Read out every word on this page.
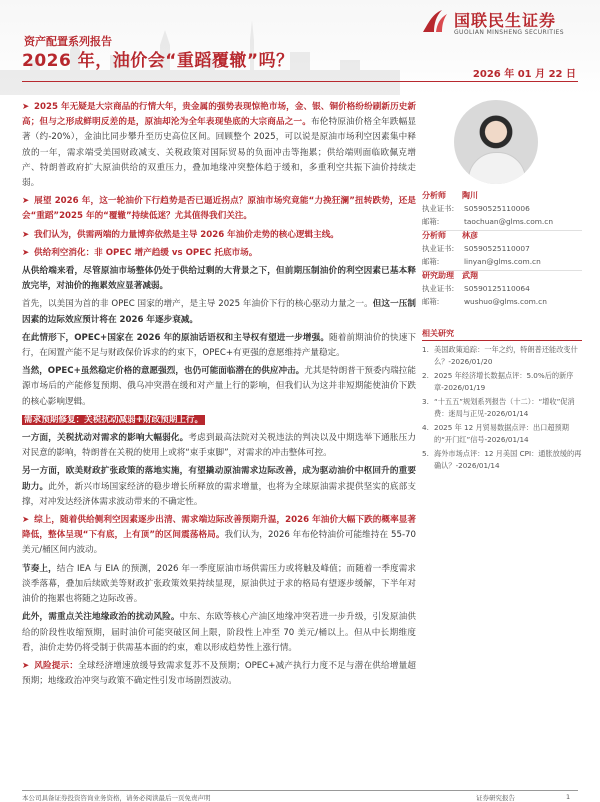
国联民生证券
GUOLIAN MINSHENG SECURITIES
资产配置系列报告
2026 年，油价会“重蹈覆辙”吗？
2026 年 01 月 22 日

➤ 2025 年无疑是大宗商品的行情大年，贵金属的强势表现惊艳市场，金、银、铜价格纷纷刷新历史新高；但与之形成鲜明反差的是，原油却沦为全年表现垫底的大宗商品之一。布伦特原油价格全年跌幅显著（约-20%），金油比同步攀升至历史高位区间。回顾整个 2025，可以说是原油市场利空因素集中释放的一年，需求端受美国财政减支、关税政策对国际贸易的负面冲击等拖累；供给端则面临欧佩克增产、特朗普政府扩大原油供给的双重压力，叠加地缘冲突整体趋于缓和，多重利空共振下油价持续走弱。

➤ 展望 2026 年，这一轮油价下行趋势是否已逼近拐点？原油市场究竟能“力挽狂澜”扭转跌势，还是会“重蹈”2025 年的“覆辙”持续低迷？尤其值得我们关注。

➤ 我们认为，供需两端的力量博弈依然是主导 2026 年油价走势的核心逻辑主线。

➤ 供给利空消化：非 OPEC 增产趋缓 vs OPEC 托底市场。

从供给端来看，尽管原油市场整体仍处于供给过剩的大背景之下，但前期压制油价的利空因素已基本释放完毕，对油价的拖累效应显著减弱。

首先，以美国为首的非 OPEC 国家的增产，是主导 2025 年油价下行的核心驱动力量之一。但这一压制因素的边际效应预计将在 2026 年逐步衰减。

在此情形下，OPEC+国家在 2026 年的原油话语权和主导权有望进一步增强。随着前期油价的快速下行，在闲置产能不足与财政保价诉求的约束下，OPEC+有更强的意愿维持产量稳定。

当然，OPEC+虽然稳定价格的意愿强烈，也仍可能面临潜在的供应冲击。尤其是特朗普干预委内瑞拉能源市场后的产能修复预期、俄乌冲突潜在缓和对产量上行的影响，但我们认为这并非短期能使油价下跌的核心影响逻辑。

需求预期修复：关税扰动减弱+财政预期上行。

一方面，关税扰动对需求的影响大幅弱化。考虑到最高法院对关税违法的判决以及中期选举下通胀压力对民意的影响，特朗普在关税的使用上或将“束手束脚”，对需求的冲击整体可控。

另一方面，欧美财政扩张政策的落地实施，有望撬动原油需求边际改善，成为驱动油价中枢回升的重要助力。此外，新兴市场国家经济的稳步增长所释放的需求增量，也将为全球原油需求提供坚实的底部支撑，对冲发达经济体需求波动带来的不确定性。

➤ 综上，随着供给侧利空因素逐步出清、需求端边际改善预期升温，2026 年油价大幅下跌的概率显著降低，整体呈现“下有底，上有顶”的区间震荡格局。我们认为，2026 年布伦特油价可能维持在 55-70 美元/桶区间内波动。

节奏上，结合 IEA 与 EIA 的预测，2026 年一季度原油市场供需压力或将触及峰值；而随着一季度需求淡季落幕，叠加后续欧美等财政扩张政策效果持续显现，原油供过于求的格局有望逐步缓解，下半年对油价的拖累也将随之边际改善。

此外，需重点关注地缘政治的扰动风险。中东、东欧等核心产油区地缘冲突若进一步升级，引发原油供给的阶段性收缩预期，届时油价可能突破区间上限，阶段性上冲至 70 美元/桶以上。但从中长期维度看，油价走势仍将受制于供需基本面的约束，难以形成趋势性上涨行情。

➤ 风险提示：全球经济增速放缓导致需求复苏不及预期；OPEC+减产执行力度不足与潜在供给增量超预期；地缘政治冲突与政策不确定性引发市场剧烈波动。

分析师 陶川
执业证书: S0590525110006
邮箱:	taochuan@glms.com.cn
分析师 林彦
执业证书: S0590525110007
邮箱:	linyan@glms.com.cn
研究助理 武翔
执业证书: S0590125110064
邮箱:	wushuo@glms.com.cn
相关研究
1. 美国政策追踪：一年之约，特朗普还能改变什么？-2026/01/20
2. 2025 年经济增长数据点评：5.0%后的新序章-2026/01/19
3. “十五五”规划系列报告（十二）：“增收”促消费：迷局与正见-2026/01/14
4. 2025 年 12 月贸易数据点评：出口超预期的“开门红”信号-2026/01/14
5. 海外市场点评：12 月美国 CPI：通胀放缓的再确认？-2026/01/14
本公司具备证券投资咨询业务资格，请务必阅读最后一页免责声明	证券研究报告	1
